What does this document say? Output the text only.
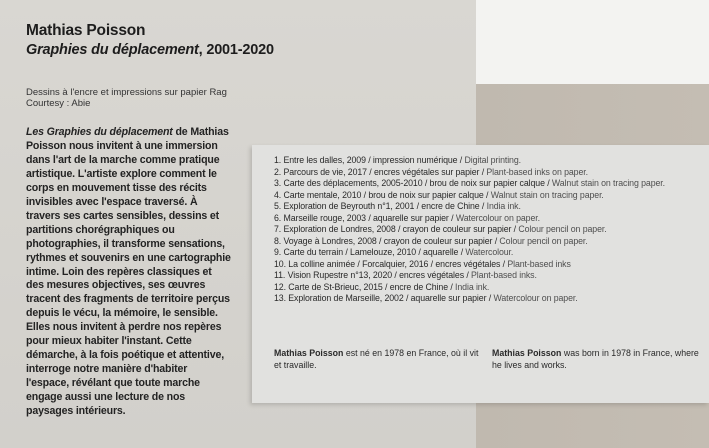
Mathias Poisson
Graphies du déplacement, 2001-2020
Dessins à l'encre et impressions sur papier Rag
Courtesy : Abie

Les Graphies du déplacement de Mathias Poisson nous invitent à une immersion dans l'art de la marche comme pratique artistique. L'artiste explore comment le corps en mouvement tisse des récits invisibles avec l'espace traversé. À travers ses cartes sensibles, dessins et partitions chorégraphiques ou photographies, il transforme sensations, rythmes et souvenirs en une cartographie intime. Loin des repères classiques et des mesures objectives, ses œuvres tracent des fragments de territoire perçus depuis le vécu, la mémoire, le sensible. Elles nous invitent à perdre nos repères pour mieux habiter l'instant. Cette démarche, à la fois poétique et attentive, interroge notre manière d'habiter l'espace, révélant que toute marche engage aussi une lecture de nos paysages intérieurs.

1. Entre les dalles, 2009 / impression numérique / Digital printing.
2. Parcours de vie, 2017 / encres végétales sur papier / Plant-based inks on paper.
3. Carte des déplacements, 2005-2010 / brou de noix sur papier calque / Walnut stain on tracing paper.
4. Carte mentale, 2010 / brou de noix sur papier calque / Walnut stain on tracing paper.
5. Exploration de Beyrouth n°1, 2001 / encre de Chine / India ink.
6. Marseille rouge, 2003 / aquarelle sur papier / Watercolour on paper.
7. Exploration de Londres, 2008 / crayon de couleur sur papier / Colour pencil on paper.
8. Voyage à Londres, 2008 / crayon de couleur sur papier / Colour pencil on paper.
9. Carte du terrain / Lamelouze, 2010 / aquarelle / Watercolour.
10. La colline animée / Forcalquier, 2016 / encres végétales / Plant-based inks
11. Vision Rupestre n°13, 2020 / encres végétales / Plant-based inks.
12. Carte de St-Brieuc, 2015 / encre de Chine / India ink.
13. Exploration de Marseille, 2002 / aquarelle sur papier / Watercolour on paper.
Mathias Poisson est né en 1978 en France, où il vit et travaille.
Mathias Poisson was born in 1978 in France, where he lives and works.
